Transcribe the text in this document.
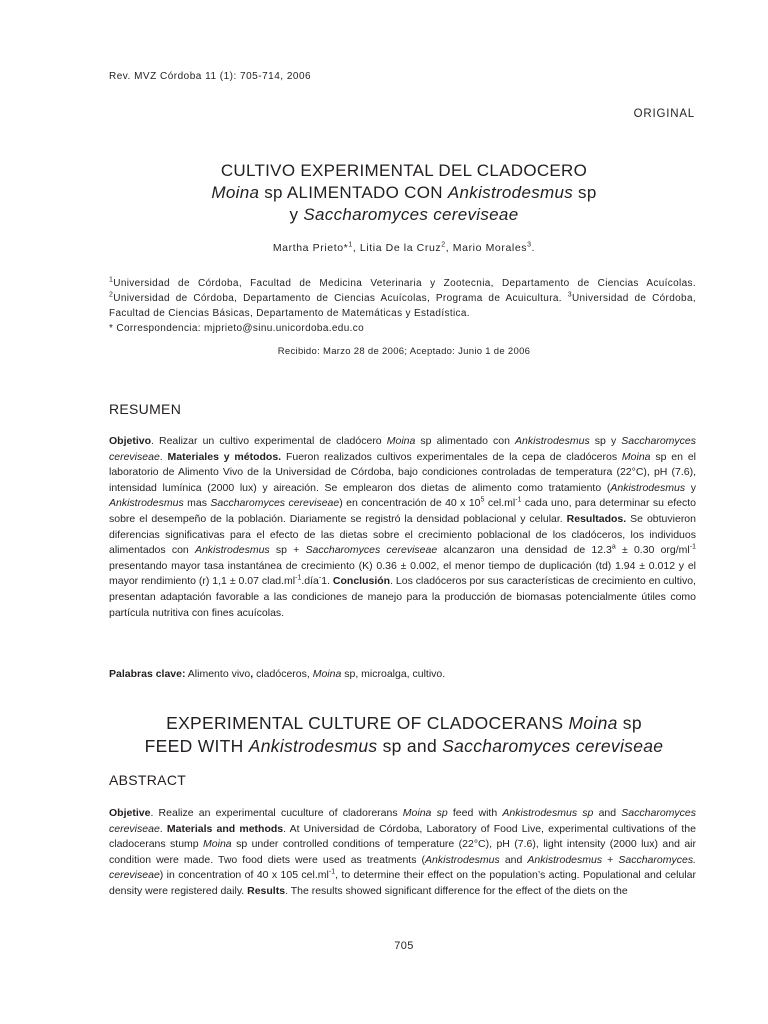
Rev. MVZ Córdoba 11 (1): 705-714, 2006
ORIGINAL
CULTIVO EXPERIMENTAL DEL CLADOCERO
Moina sp ALIMENTADO CON Ankistrodesmus sp
y Saccharomyces cereviseae
Martha Prieto*$^1$, Litia De la Cruz$^2$, Mario Morales$^3$.
$^1$Universidad de Córdoba, Facultad de Medicina Veterinaria y Zootecnia, Departamento de Ciencias Acuícolas. $^2$Universidad de Córdoba, Departamento de Ciencias Acuícolas, Programa de Acuicultura. $^3$Universidad de Córdoba, Facultad de Ciencias Básicas, Departamento de Matemáticas y Estadística.
* Correspondencia: mjprieto@sinu.unicordoba.edu.co
Recibido: Marzo 28 de 2006; Aceptado: Junio 1 de 2006
RESUMEN
Objetivo. Realizar un cultivo experimental de cladócero Moina sp alimentado con Ankistrodesmus sp y Saccharomyces cereviseae. Materiales y métodos. Fueron realizados cultivos experimentales de la cepa de cladóceros Moina sp en el laboratorio de Alimento Vivo de la Universidad de Córdoba, bajo condiciones controladas de temperatura (22°C), pH (7.6), intensidad lumínica (2000 lux) y aireación. Se emplearon dos dietas de alimento como tratamiento (Ankistrodesmus y Ankistrodesmus mas Saccharomyces cereviseae) en concentración de 40 x $10^5$ $cel.ml^{-1}$ cada uno, para determinar su efecto sobre el desempeño de la población. Diariamente se registró la densidad poblacional y celular. Resultados. Se obtuvieron diferencias significativas para el efecto de las dietas sobre el crecimiento poblacional de los cladóceros, los individuos alimentados con Ankistrodesmus sp + Saccharomyces cereviseae alcanzaron una densidad de 12.3$^a$ ± 0.30 org/$ml^{-1}$ presentando mayor tasa instantánea de crecimiento (K) 0.36 ± 0.002, el menor tiempo de duplicación (td) 1.94 ± 0.012 y el mayor rendimiento (r) 1,1 ± 0.07 $clad.ml^{-1}.día^-1$. Conclusión. Los cladóceros por sus características de crecimiento en cultivo, presentan adaptación favorable a las condiciones de manejo para la producción de biomasas potencialmente útiles como partícula nutritiva con fines acuícolas.
Palabras clave: Alimento vivo, cladóceros, Moina sp, microalga, cultivo.
EXPERIMENTAL CULTURE OF CLADOCERANS Moina sp
FEED WITH Ankistrodesmus sp and Saccharomyces cereviseae
ABSTRACT
Objetive. Realize an experimental cuculture of cladorerans Moina sp feed with Ankistrodesmus sp and Saccharomyces cereviseae. Materials and methods. At Universidad de Córdoba, Laboratory of Food Live, experimental cultivations of the cladocerans stump Moina sp under controlled conditions of temperature (22°C), pH (7.6), light intensity (2000 lux) and air condition were made. Two food diets were used as treatments (Ankistrodesmus and Ankistrodesmus + Saccharomyces. cereviseae) in concentration of 40 x 105 $cel.ml^{-1}$, to determine their effect on the population’s acting. Populational and celular density were registered daily. Results. The results showed significant difference for the effect of the diets on the
705
